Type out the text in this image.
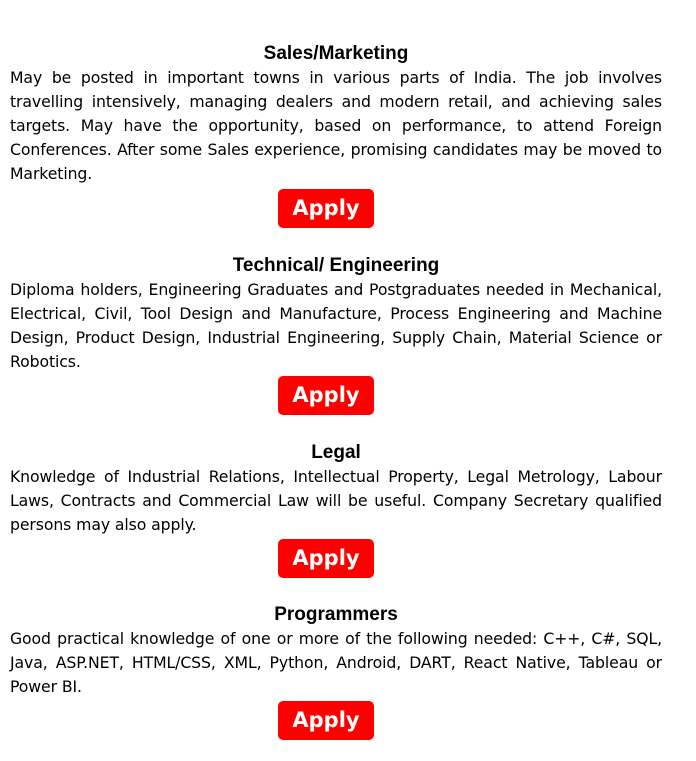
Sales/Marketing

May be posted in important towns in various parts of India. The job involves travelling intensively, managing dealers and modern retail, and achieving sales targets. May have the opportunity, based on performance, to attend Foreign Conferences. After some Sales experience, promising candidates may be moved to Marketing.

Apply
Technical/ Engineering

Diploma holders, Engineering Graduates and Postgraduates needed in Mechanical, Electrical, Civil, Tool Design and Manufacture, Process Engineering and Machine Design, Product Design, Industrial Engineering, Supply Chain, Material Science or Robotics.

Apply
Legal

Knowledge of Industrial Relations, Intellectual Property, Legal Metrology, Labour Laws, Contracts and Commercial Law will be useful. Company Secretary qualified persons may also apply.

Apply
Programmers

Good practical knowledge of one or more of the following needed: C++, C#, SQL, Java, ASP.NET, HTML/CSS, XML, Python, Android, DART, React Native, Tableau or Power BI.

Apply
